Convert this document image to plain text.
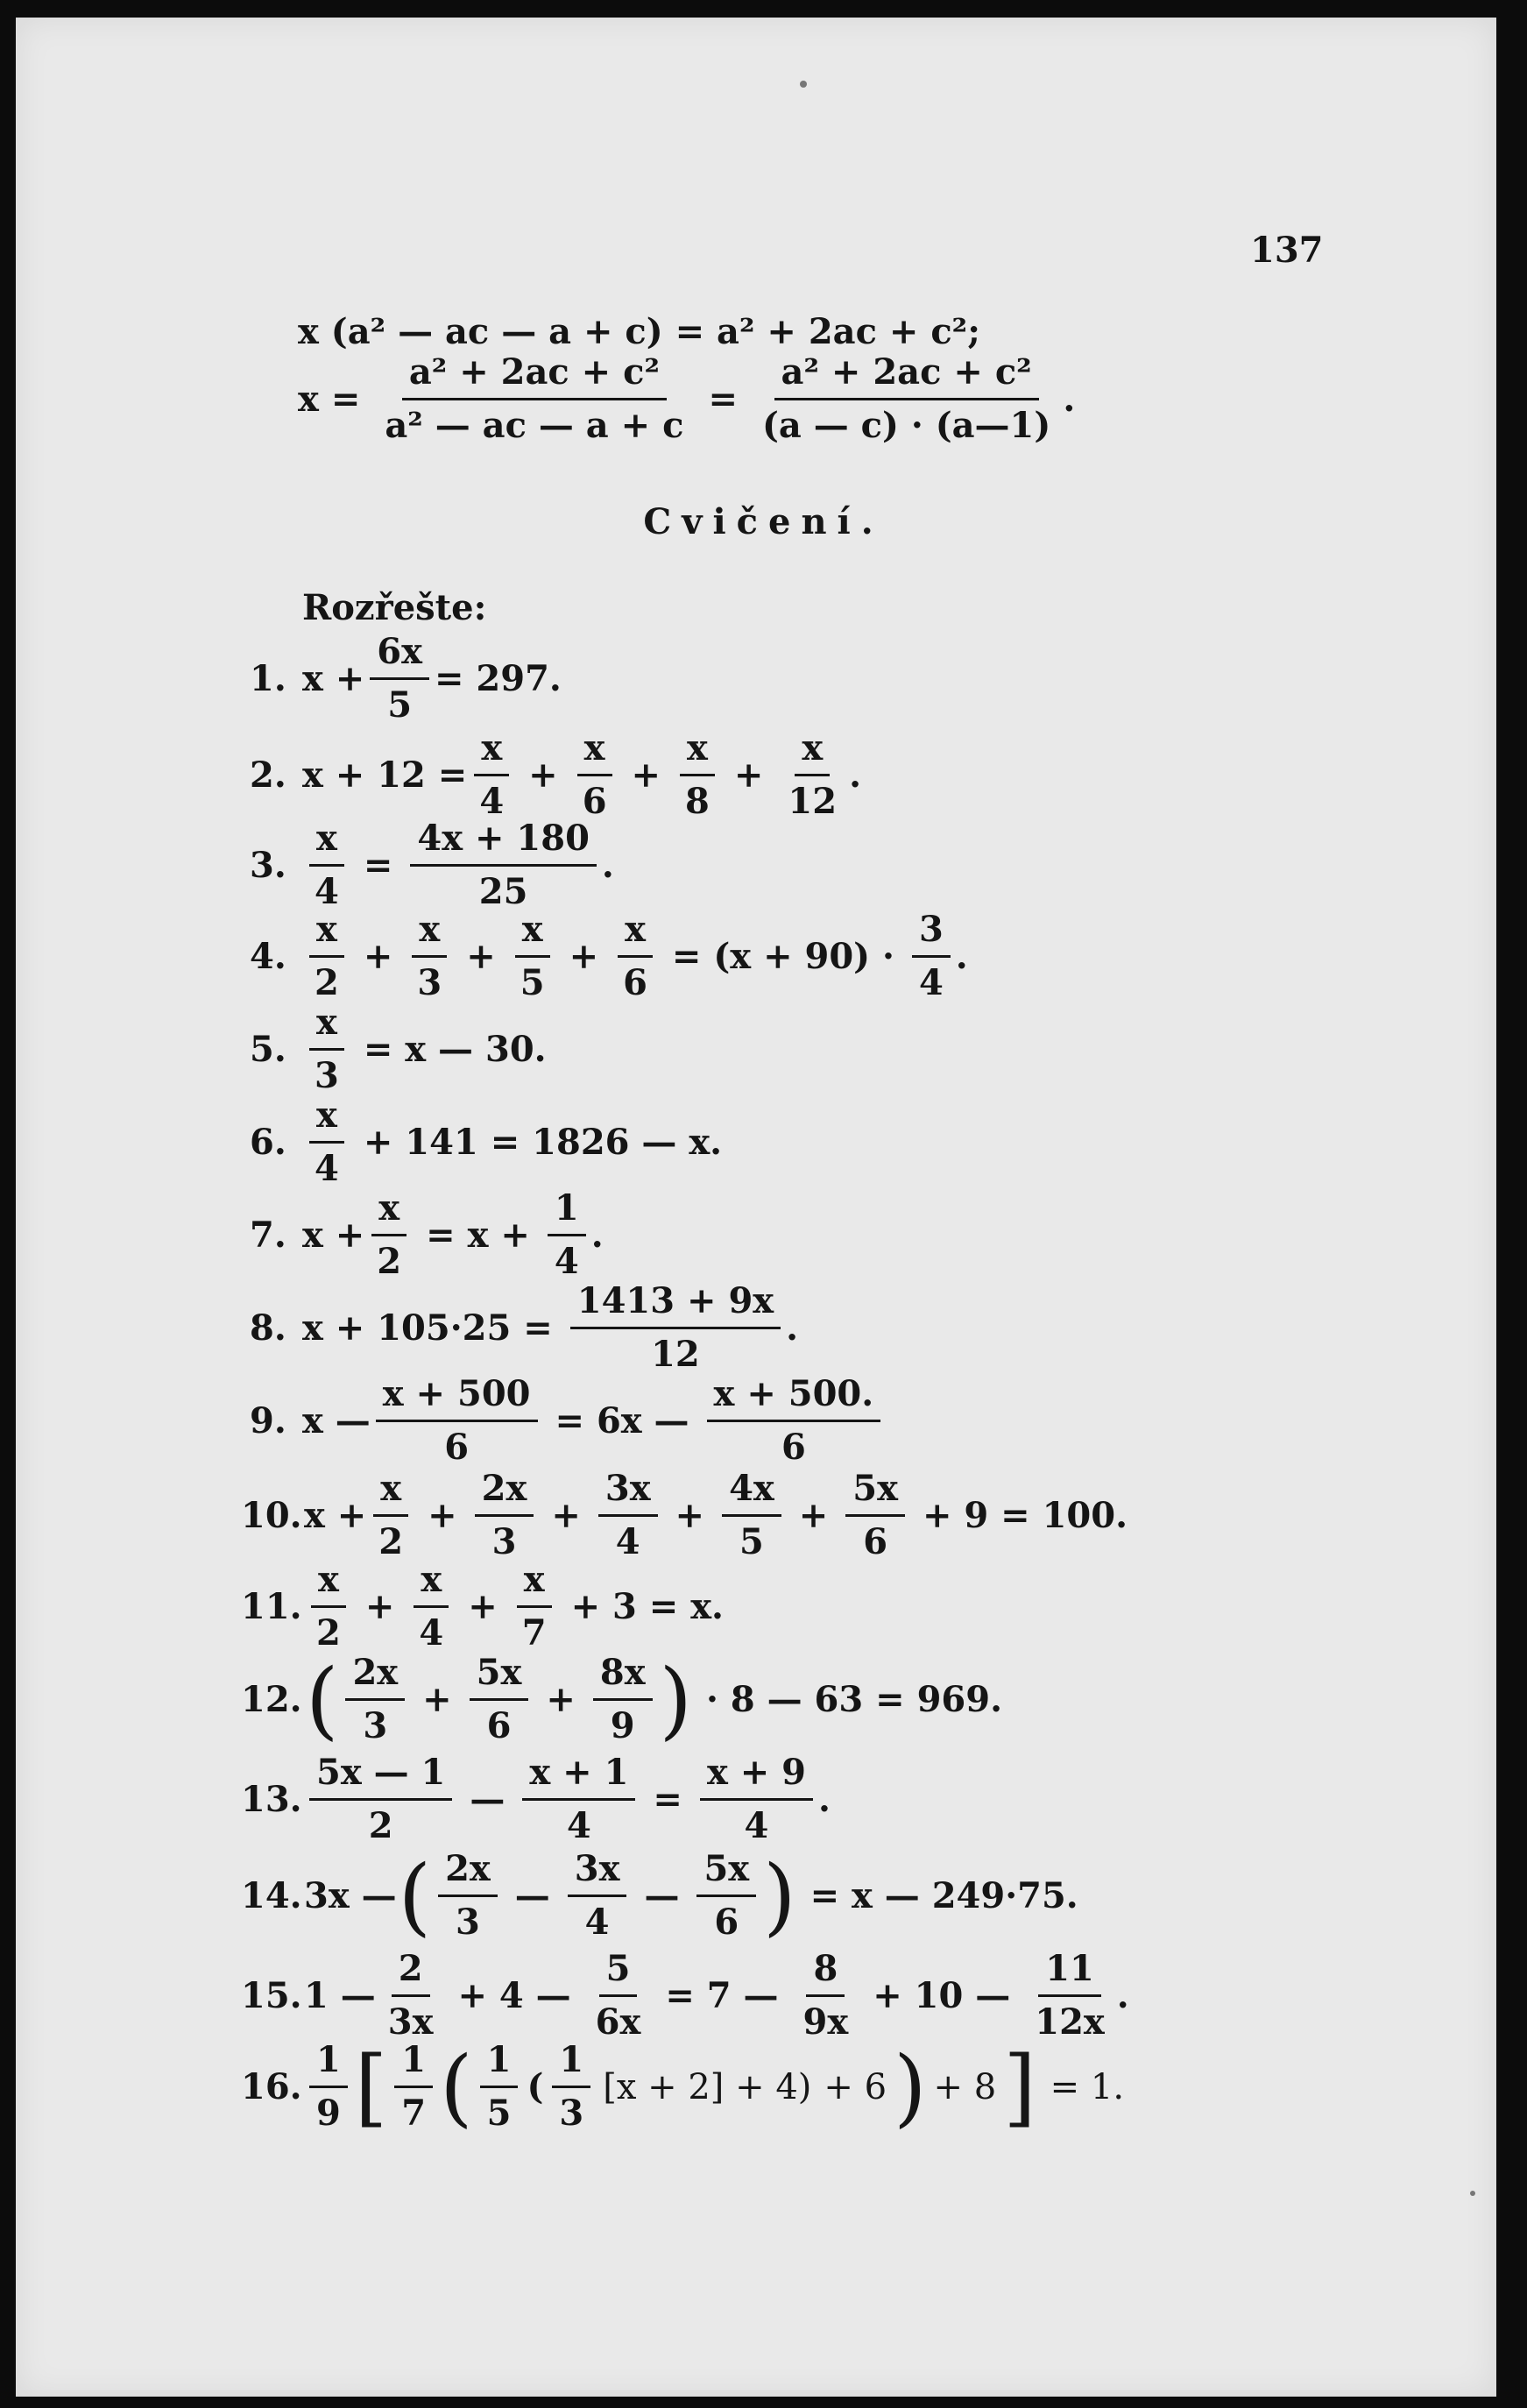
137
x (a² — ac — a + c) = a² + 2ac + c²;
$x = \frac{\text{a² + 2ac + c²}}{\text{a² — ac — a + c}} = \frac{\text{a² + 2ac + c²}}{(a — c) \cdot (a—1)}$ .
Cvičení.
Rozřešte:
1. $x + \frac{6x}{5} = 297$.
2. $x + 12 = \frac{x}{4} + \frac{x}{6} + \frac{x}{8} + \frac{x}{12}$ .
3. $\frac{x}{4} = \frac{4x + 180}{25}$ .
4. $\frac{x}{2} + \frac{x}{3} + \frac{x}{5} + \frac{x}{6} = (x + 90) \cdot \frac{3}{4}$ .
5. $\frac{x}{3} = x$ — 30.
6. $\frac{x}{4} + 141 = 1826$ — x.
7. $x + \frac{x}{2} = x + \frac{1}{4}$ .
8. $x + 105\cdot 25 = \frac{1413 + 9x}{12}$ .
9. x — $\frac{x + 500}{6} = 6x$ — $\frac{x + 500.}{6}$
10. $x + \frac{x}{2} + \frac{2x}{3} + \frac{3x}{4} + \frac{4x}{5} + \frac{5x}{6} + 9 = 100$.
11. $\frac{x}{2} + \frac{x}{4} + \frac{x}{7} + 3 = x$.
12. ( $\frac{2x}{3} + \frac{5x}{6} + \frac{8x}{9}$ ) · 8 — 63 = 969.
13. $\frac{5x — 1}{2}$ — $\frac{x + 1}{4} = \frac{x + 9}{4}$ .
14. 3x — ( $\frac{2x}{3}$ — $\frac{3x}{4}$ — $\frac{5x}{6}$ ) = x — 249·75.
15. 1 — $\frac{2}{3x} + 4$ — $\frac{5}{6x} = 7$ — $\frac{8}{9x} + 10$ — $\frac{11}{12x}$ .
16. $\frac{1}{9}$ [ $\frac{1}{7}$ ( $\frac{1}{5}$ ( $\frac{1}{3} [x + 2] + 4) + 6$ ) + 8 ] = 1.
